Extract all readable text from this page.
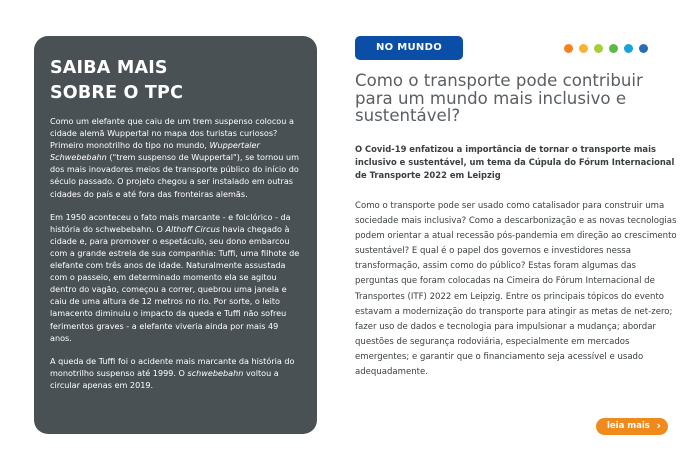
SAIBA MAIS
SOBRE O TPC

Como um elefante que caiu de um trem suspenso colocou a cidade alemã Wuppertal no mapa dos turistas curiosos? Primeiro monotrilho do tipo no mundo, Wuppertaler Schwebebahn ("trem suspenso de Wuppertal"), se tornou um dos mais inovadores meios de transporte público do início do século passado. O projeto chegou a ser instalado em outras cidades do país e até fora das fronteiras alemãs.

Em 1950 aconteceu o fato mais marcante - e folclórico - da história do schwebebahn. O Althoff Circus havia chegado à cidade e, para promover o espetáculo, seu dono embarcou com a grande estrela de sua companhia: Tuffi, uma filhote de elefante com três anos de idade. Naturalmente assustada com o passeio, em determinado momento ela se agitou dentro do vagão, começou a correr, quebrou uma janela e caiu de uma altura de 12 metros no rio. Por sorte, o leito lamacento diminuiu o impacto da queda e Tuffi não sofreu ferimentos graves - a elefante viveria ainda por mais 49 anos.

A queda de Tuffi foi o acidente mais marcante da história do monotrilho suspenso até 1999. O schwebebahn voltou a circular apenas em 2019.

NO MUNDO
Como o transporte pode contribuir para um mundo mais inclusivo e sustentável?

O Covid-19 enfatizou a importância de tornar o transporte mais inclusivo e sustentável, um tema da Cúpula do Fórum Internacional de Transporte 2022 em Leipzig

Como o transporte pode ser usado como catalisador para construir uma sociedade mais inclusiva? Como a descarbonização e as novas tecnologias podem orientar a atual recessão pós-pandemia em direção ao crescimento sustentável? E qual é o papel dos governos e investidores nessa transformação, assim como do público? Estas foram algumas das perguntas que foram colocadas na Cimeira do Fórum Internacional de Transportes (ITF) 2022 em Leipzig. Entre os principais tópicos do evento estavam a modernização do transporte para atingir as metas de net-zero; fazer uso de dados e tecnologia para impulsionar a mudança; abordar questões de segurança rodoviária, especialmente em mercados emergentes; e garantir que o financiamento seja acessível e usado adequadamente.

leia mais ›
